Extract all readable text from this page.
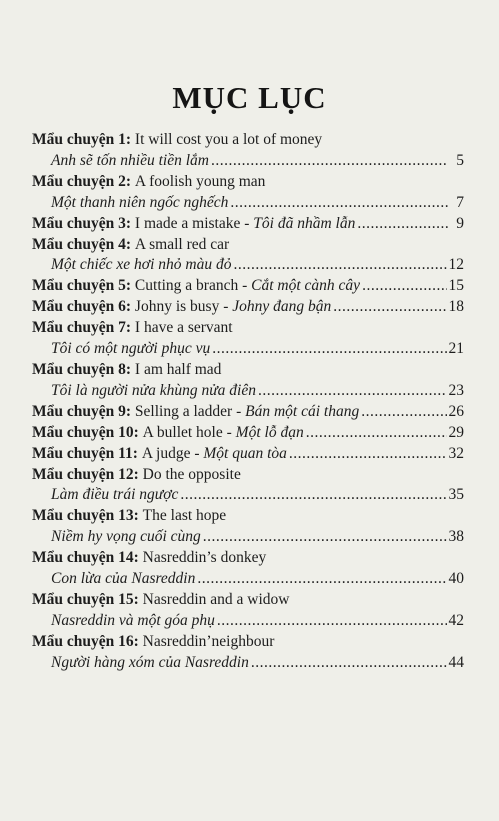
MỤC LỤC
Mẩu chuyện 1:
It will cost you a lot of money
Anh sẽ tốn nhiều tiền lắm .....	5
Mẩu chuyện 2:
A foolish young man
Một thanh niên ngốc nghếch .....	7
Mẩu chuyện 3:
I made a mistake - Tôi đã nhầm lẫn .....	9
Mẩu chuyện 4:
A small red car
Một chiếc xe hơi nhỏ màu đỏ .....	12
Mẩu chuyện 5:
Cutting a branch - Cắt một cành cây .....	15
Mẩu chuyện 6:
Johny is busy - Johny đang bận .....	18
Mẩu chuyện 7:
I have a servant
Tôi có một người phục vụ .....	21
Mẩu chuyện 8:
I am half mad
Tôi là người nửa khùng nửa điên .....	23
Mẩu chuyện 9:
Selling a ladder - Bán một cái thang .....	26
Mẩu chuyện 10:
A bullet hole - Một lỗ đạn .....	29
Mẩu chuyện 11:
A judge - Một quan tòa .....	32
Mẩu chuyện 12:
Do the opposite
Làm điều trái ngược .....	35
Mẩu chuyện 13:
The last hope
Niềm hy vọng cuối cùng .....	38
Mẩu chuyện 14:
Nasreddin’s donkey
Con lừa của Nasreddin .....	40
Mẩu chuyện 15:
Nasreddin and a widow
Nasreddin và một góa phụ .....	42
Mẩu chuyện 16:
Nasreddin’neighbour
Người hàng xóm của Nasreddin .....	44
